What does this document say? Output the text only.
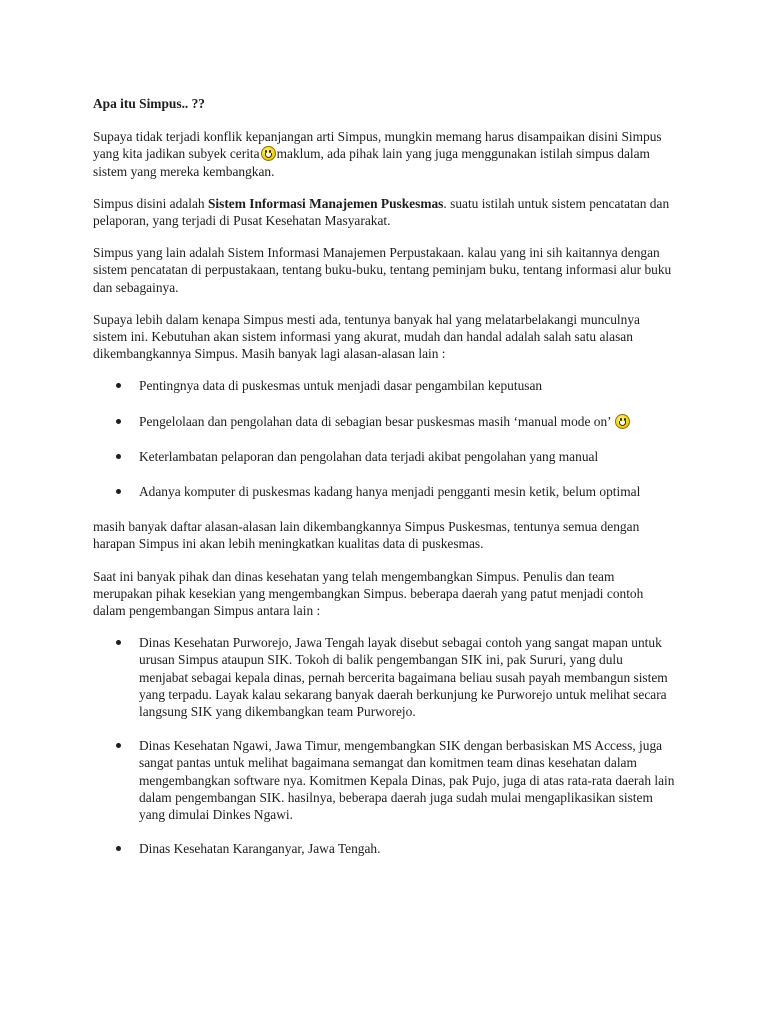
Apa itu Simpus.. ??

Supaya tidak terjadi konflik kepanjangan arti Simpus, mungkin memang harus disampaikan disini Simpus yang kita jadikan subyek cerita maklum, ada pihak lain yang juga menggunakan istilah simpus dalam sistem yang mereka kembangkan.

Simpus disini adalah Sistem Informasi Manajemen Puskesmas. suatu istilah untuk sistem pencatatan dan pelaporan, yang terjadi di Pusat Kesehatan Masyarakat.

Simpus yang lain adalah Sistem Informasi Manajemen Perpustakaan. kalau yang ini sih kaitannya dengan sistem pencatatan di perpustakaan, tentang buku-buku, tentang peminjam buku, tentang informasi alur buku dan sebagainya.

Supaya lebih dalam kenapa Simpus mesti ada, tentunya banyak hal yang melatarbelakangi munculnya sistem ini. Kebutuhan akan sistem informasi yang akurat, mudah dan handal adalah salah satu alasan dikembangkannya Simpus. Masih banyak lagi alasan-alasan lain :

Pentingnya data di puskesmas untuk menjadi dasar pengambilan keputusan
Pengelolaan dan pengolahan data di sebagian besar puskesmas masih ‘manual mode on’
Keterlambatan pelaporan dan pengolahan data terjadi akibat pengolahan yang manual
Adanya komputer di puskesmas kadang hanya menjadi pengganti mesin ketik, belum optimal

masih banyak daftar alasan-alasan lain dikembangkannya Simpus Puskesmas, tentunya semua dengan harapan Simpus ini akan lebih meningkatkan kualitas data di puskesmas.

Saat ini banyak pihak dan dinas kesehatan yang telah mengembangkan Simpus. Penulis dan team merupakan pihak kesekian yang mengembangkan Simpus. beberapa daerah yang patut menjadi contoh dalam pengembangan Simpus antara lain :

Dinas Kesehatan Purworejo, Jawa Tengah layak disebut sebagai contoh yang sangat mapan untuk urusan Simpus ataupun SIK. Tokoh di balik pengembangan SIK ini, pak Sururi, yang dulu menjabat sebagai kepala dinas, pernah bercerita bagaimana beliau susah payah membangun sistem yang terpadu. Layak kalau sekarang banyak daerah berkunjung ke Purworejo untuk melihat secara langsung SIK yang dikembangkan team Purworejo.
Dinas Kesehatan Ngawi, Jawa Timur, mengembangkan SIK dengan berbasiskan MS Access, juga sangat pantas untuk melihat bagaimana semangat dan komitmen team dinas kesehatan dalam mengembangkan software nya. Komitmen Kepala Dinas, pak Pujo, juga di atas rata-rata daerah lain dalam pengembangan SIK. hasilnya, beberapa daerah juga sudah mulai mengaplikasikan sistem yang dimulai Dinkes Ngawi.
Dinas Kesehatan Karanganyar, Jawa Tengah.
